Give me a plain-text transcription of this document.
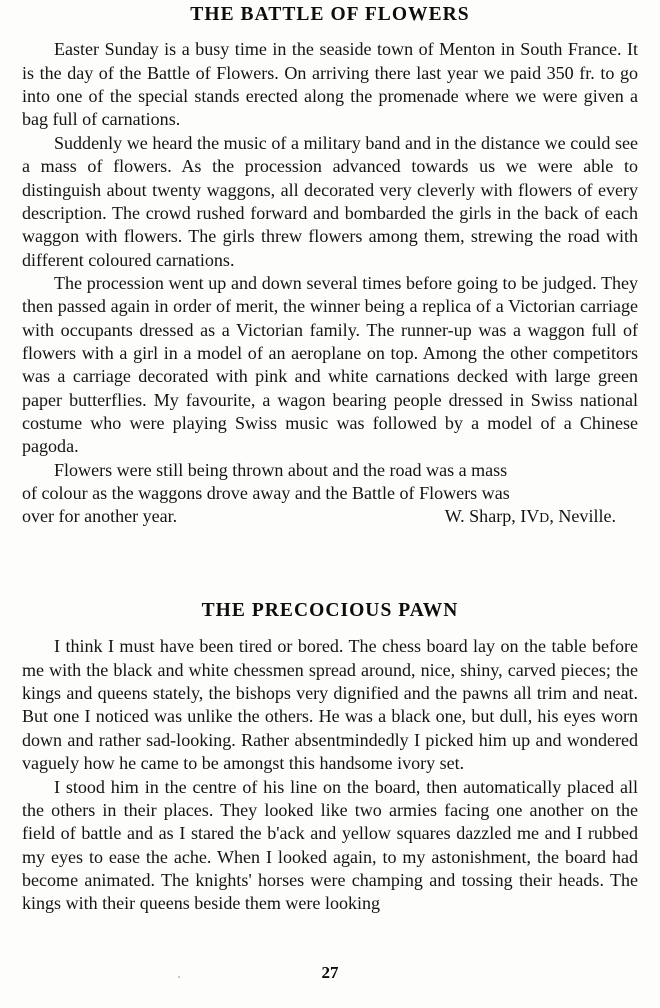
THE BATTLE OF FLOWERS

Easter Sunday is a busy time in the seaside town of Menton in South France. It is the day of the Battle of Flowers. On arriving there last year we paid 350 fr. to go into one of the special stands erected along the promenade where we were given a bag full of carnations.

Suddenly we heard the music of a military band and in the distance we could see a mass of flowers. As the procession advanced towards us we were able to distinguish about twenty waggons, all decorated very cleverly with flowers of every description. The crowd rushed forward and bombarded the girls in the back of each waggon with flowers. The girls threw flowers among them, strewing the road with different coloured carnations.

The procession went up and down several times before going to be judged. They then passed again in order of merit, the winner being a replica of a Victorian carriage with occupants dressed as a Victorian family. The runner-up was a waggon full of flowers with a girl in a model of an aeroplane on top. Among the other competitors was a carriage decorated with pink and white carnations decked with large green paper butterflies. My favourite, a wagon bearing people dressed in Swiss national costume who were playing Swiss music was followed by a model of a Chinese pagoda.

Flowers were still being thrown about and the road was a mass

of colour as the waggons drove away and the Battle of Flowers was

over for another year.	W. Sharp, IVD, Neville.
THE PRECOCIOUS PAWN

I think I must have been tired or bored. The chess board lay on the table before me with the black and white chessmen spread around, nice, shiny, carved pieces; the kings and queens stately, the bishops very dignified and the pawns all trim and neat. But one I noticed was unlike the others. He was a black one, but dull, his eyes worn down and rather sad-looking. Rather absentmindedly I picked him up and wondered vaguely how he came to be amongst this handsome ivory set.

I stood him in the centre of his line on the board, then automatically placed all the others in their places. They looked like two armies facing one another on the field of battle and as I stared the b'ack and yellow squares dazzled me and I rubbed my eyes to ease the ache. When I looked again, to my astonishment, the board had become animated. The knights' horses were champing and tossing their heads. The kings with their queens beside them were looking

27
